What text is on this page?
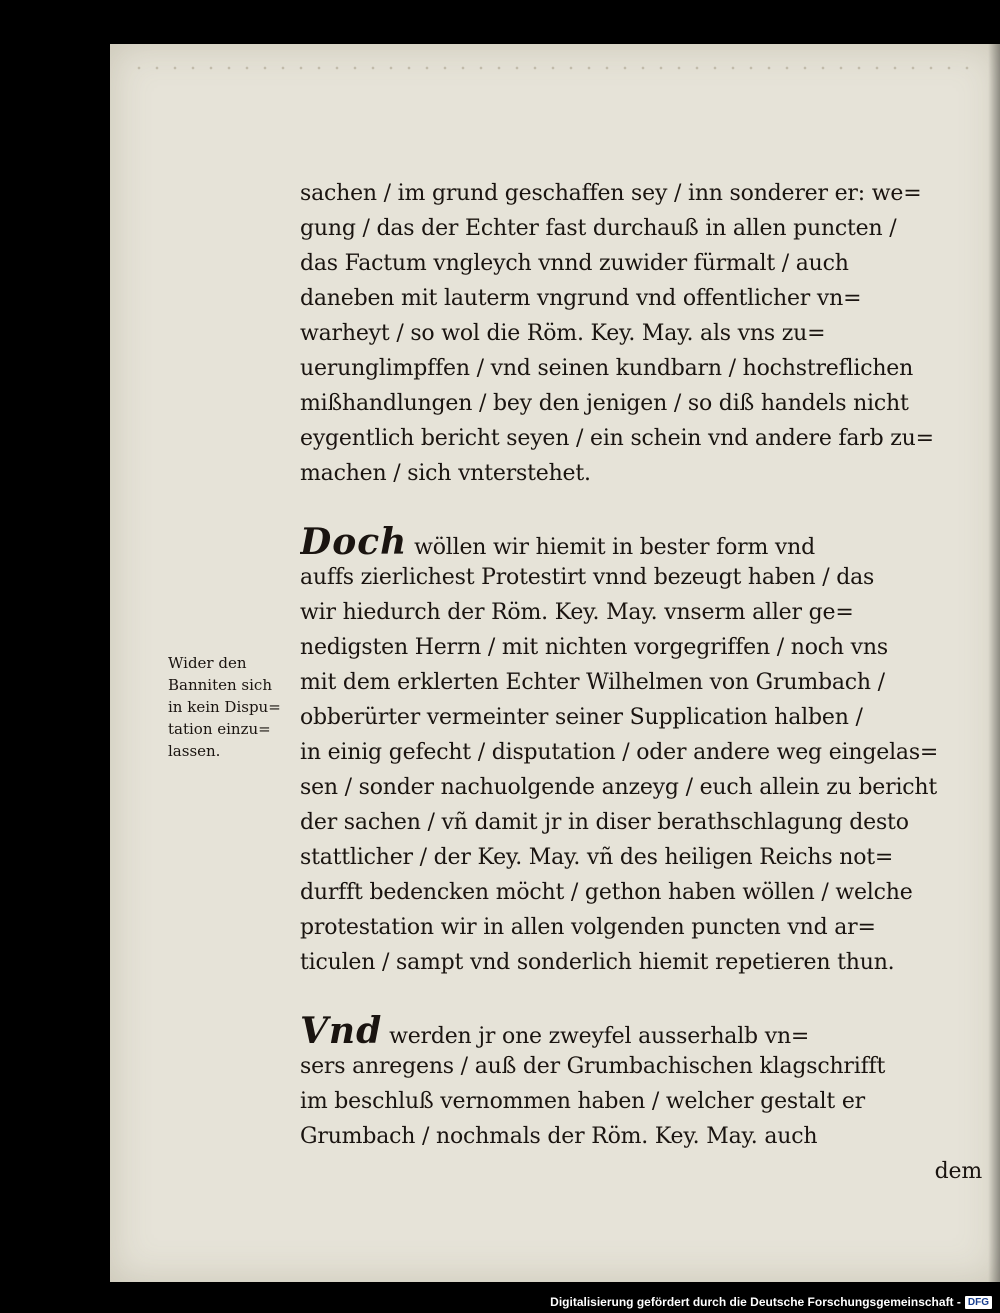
Wider den
Banniten sich
in kein Dispu=
tation einzu=
lassen.
sachen / im grund geschaffen sey / inn sonderer er: we=
gung / das der Echter fast durchauß in allen puncten /
das Factum vngleych vnnd zuwider fürmalt / auch
daneben mit lauterm vngrund vnd offentlicher vn=
warheyt / so wol die Röm. Key. May. als vns zu=
uerunglimpffen / vnd seinen kundbarn / hochstreflichen
mißhandlungen / bey den jenigen / so diß handels nicht
eygentlich bericht seyen / ein schein vnd andere farb zu=
machen / sich vnterstehet.
Doch wöllen wir hiemit in bester form vnd
auffs zierlichest Protestirt vnnd bezeugt haben / das
wir hiedurch der Röm. Key. May. vnserm aller ge=
nedigsten Herrn / mit nichten vorgegriffen / noch vns
mit dem erklerten Echter Wilhelmen von Grumbach /
obberürter vermeinter seiner Supplication halben /
in einig gefecht / disputation / oder andere weg eingelas=
sen / sonder nachuolgende anzeyg / euch allein zu bericht
der sachen / vñ damit jr in diser berathschlagung desto
stattlicher / der Key. May. vñ des heiligen Reichs not=
durfft bedencken möcht / gethon haben wöllen / welche
protestation wir in allen volgenden puncten vnd ar=
ticulen / sampt vnd sonderlich hiemit repetieren thun.
Vnd werden jr one zweyfel ausserhalb vn=
sers anregens / auß der Grumbachischen klagschrifft
im beschluß vernommen haben / welcher gestalt er
Grumbach / nochmals der Röm. Key. May. auch
dem
Digitalisierung gefördert durch die Deutsche Forschungsgemeinschaft - DFG
